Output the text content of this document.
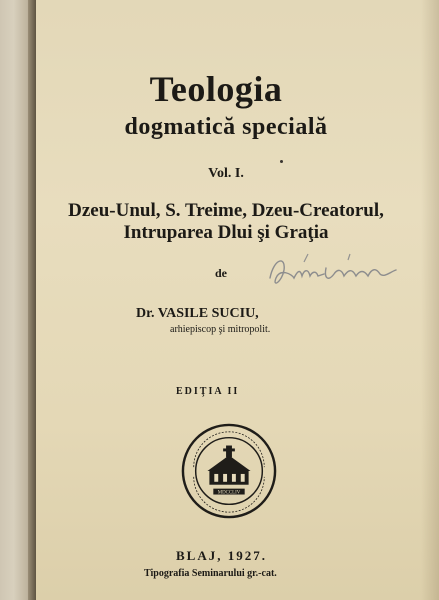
Teologia
dogmatică specială
Vol. I.
Dzeu-Unul, S. Treime, Dzeu-Creatorul,
Intruparea Dlui şi Graţia
de
Dr. VASILE SUCIU,
arhiepiscop şi mitropolit.
EDIŢIA II
MDCCLIV
BLAJ, 1927.
Tipografia Seminarului gr.-cat.
